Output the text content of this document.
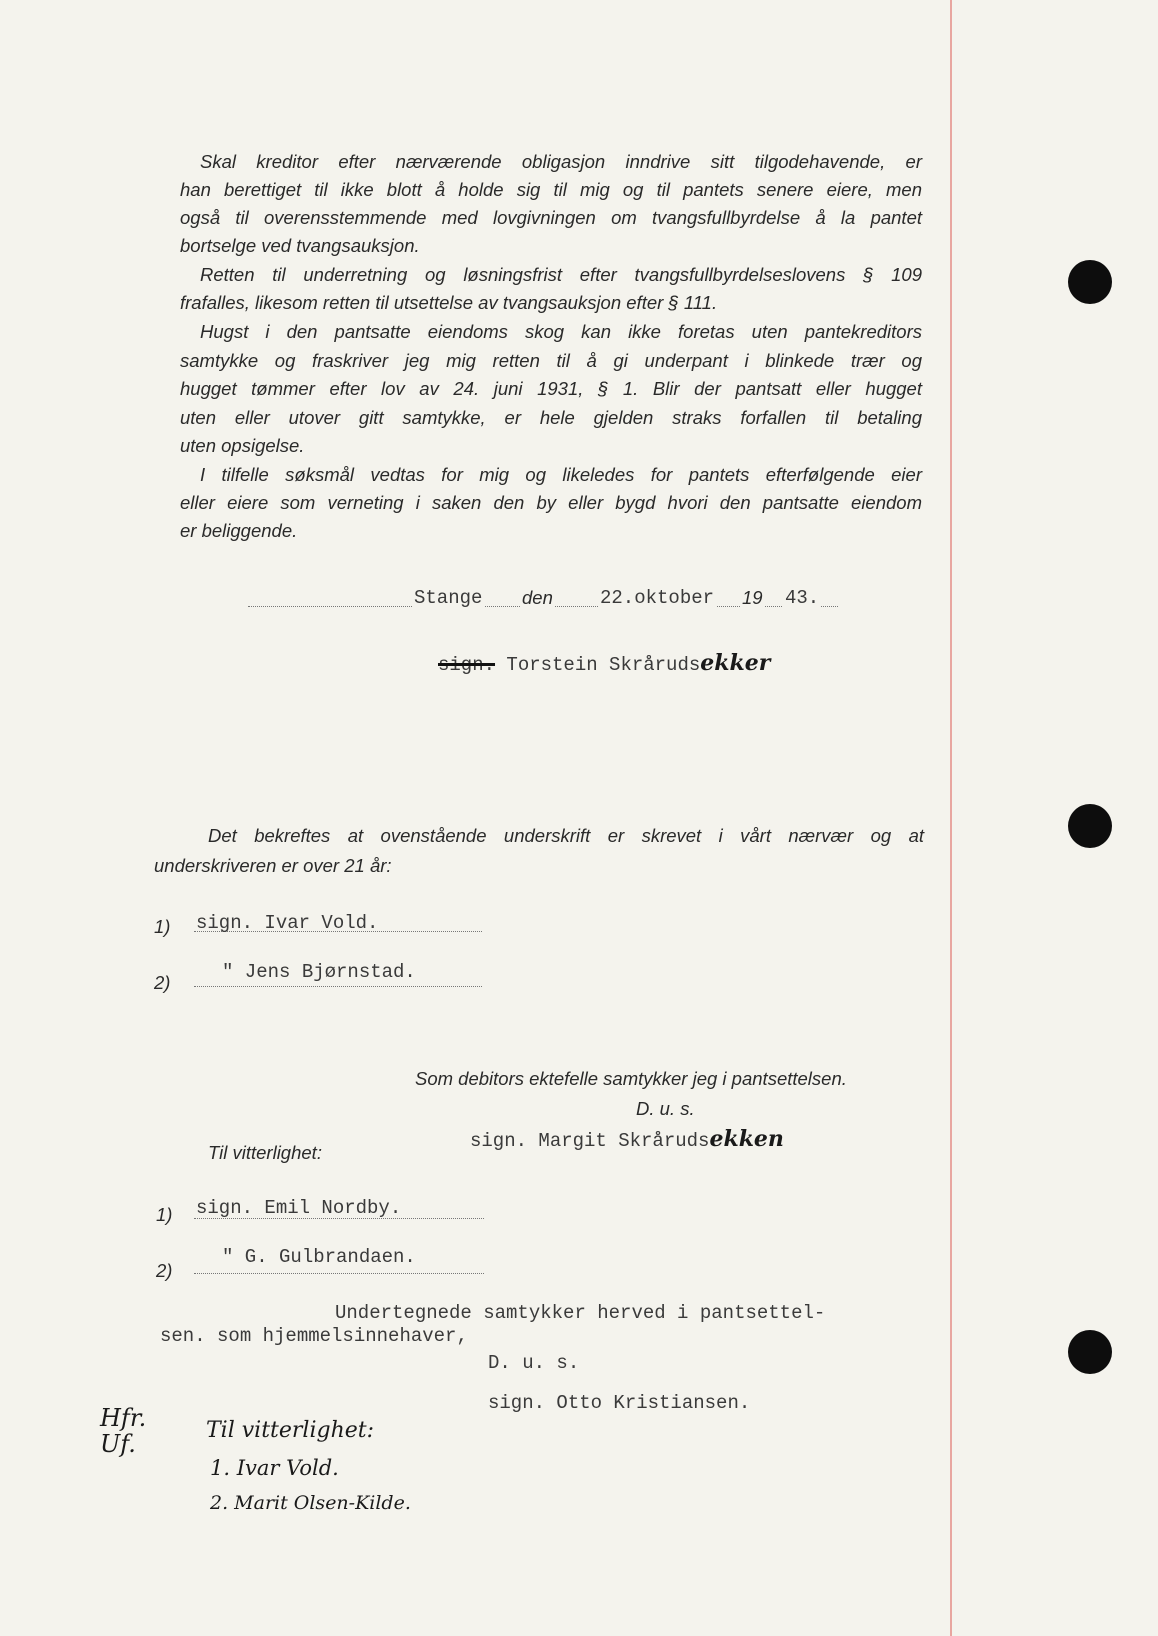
Skal kreditor efter nærværende obligasjon inndrive sitt tilgodehavende, er
han berettiget til ikke blott å holde sig til mig og til pantets senere eiere, men
også til overensstemmende med lovgivningen om tvangsfullbyrdelse å la pantet
bortselge ved tvangsauksjon.
Retten til underretning og løsningsfrist efter tvangsfullbyrdelseslovens § 109
frafalles, likesom retten til utsettelse av tvangsauksjon efter § 111.
Hugst i den pantsatte eiendoms skog kan ikke foretas uten pantekreditors
samtykke og fraskriver jeg mig retten til å gi underpant i blinkede trær og
hugget tømmer efter lov av 24. juni 1931, § 1. Blir der pantsatt eller hugget
uten eller utover gitt samtykke, er hele gjelden straks forfallen til betaling
uten opsigelse.
I tilfelle søksmål vedtas for mig og likeledes for pantets efterfølgende eier
eller eiere som verneting i saken den by eller bygd hvori den pantsatte eiendom
er beliggende.
Stange den 22.oktober 19 43.
sign. Torstein Skrårudsekker
Det bekreftes at ovenstående underskrift er skrevet i vårt nærvær og at
underskriveren er over 21 år:
1) sign. Ivar Vold.
2)	" Jens Bjørnstad.
Som debitors ektefelle samtykker jeg i pantsettelsen.
D. u. s.
sign. Margit Skrårudsekken
Til vitterlighet:
1) sign. Emil Nordby.
2)
" G. Gulbrandaen.
Undertegnede samtykker herved i pantsettel-
sen. som hjemmelsinnehaver,
D. u. s.
sign. Otto Kristiansen.
Hfr. Uf.	Til vitterlighet:
1. Ivar Vold.
2. Marit Olsen-Kilde.
